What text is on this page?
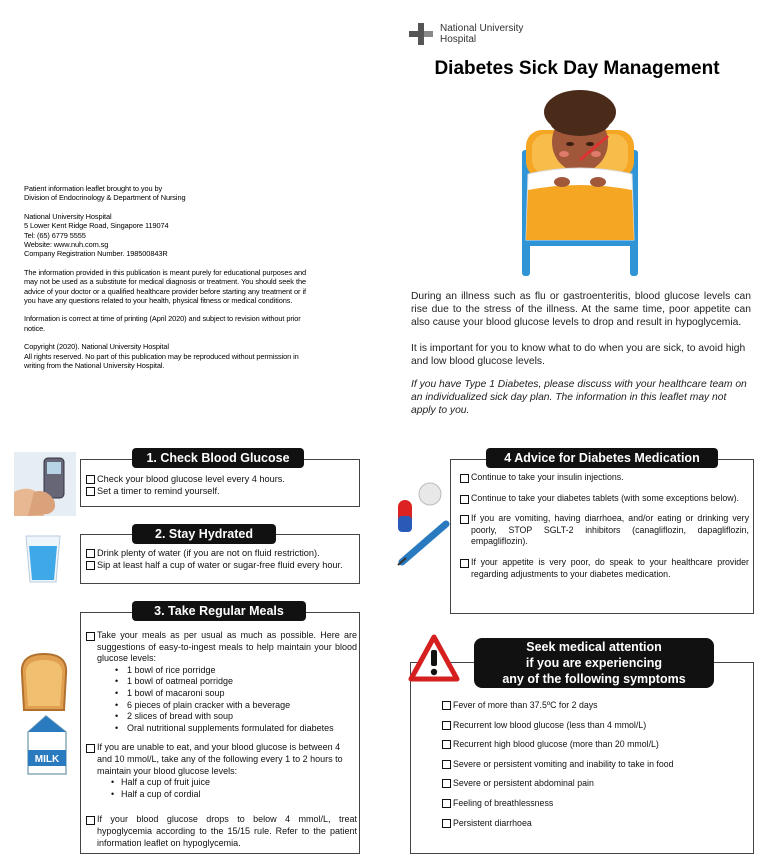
Patient information leaflet brought to you by
Division of Endocrinology & Department of Nursing

National University Hospital
5 Lower Kent Ridge Road, Singapore 119074
Tel: (65) 6779 5555
Website: www.nuh.com.sg
Company Registration Number. 198500843R

The information provided in this publication is meant purely for educational purposes and may not be used as a substitute for medical diagnosis or treatment. You should seek the advice of your doctor or a qualified healthcare provider before starting any treatment or if you have any questions related to your health, physical fitness or medical conditions.

Information is correct at time of printing (April 2020) and subject to revision without prior notice.

Copyright (2020). National University Hospital
All rights reserved. No part of this publication may be reproduced without permission in writing from the National University Hospital.

National University
Hospital
Diabetes Sick Day Management
During an illness such as flu or gastroenteritis, blood glucose levels can rise due to the stress of the illness. At the same time, poor appetite can also cause your blood glucose levels to drop and result in hypoglycemia.
It is important for you to know what to do when you are sick, to avoid high and low blood glucose levels.
If you have Type 1 Diabetes, please discuss with your healthcare team on an individualized sick day plan. The information in this leaflet may not apply to you.
Check your blood glucose level every 4 hours.
Set a timer to remind yourself.
1. Check Blood Glucose
Drink plenty of water (if you are not on fluid restriction).
Sip at least half a cup of water or sugar-free fluid every hour.
2. Stay Hydrated
MILK
Take your meals as per usual as much as possible. Here are suggestions of easy-to-ingest meals to help maintain your blood glucose levels:
• 1 bowl of rice porridge
• 1 bowl of oatmeal porridge
• 1 bowl of macaroni soup
• 6 pieces of plain cracker with a beverage
• 2 slices of bread with soup
• Oral nutritional supplements formulated for diabetes
If you are unable to eat, and your blood glucose is between 4 and 10 mmol/L, take any of the following every 1 to 2 hours to maintain your blood glucose levels:
• Half a cup of fruit juice
• Half a cup of cordial
If your blood glucose drops to below 4 mmol/L, treat hypoglycemia according to the 15/15 rule. Refer to the patient information leaflet on hypoglycemia.
3. Take Regular Meals
Continue to take your insulin injections.
Continue to take your diabetes tablets (with some exceptions below).
If you are vomiting, having diarrhoea, and/or eating or drinking very poorly, STOP SGLT-2 inhibitors (canagliflozin, dapagliflozin, empagliflozin).
If your appetite is very poor, do speak to your healthcare provider regarding adjustments to your diabetes medication.
4 Advice for Diabetes Medication
Fever of more than 37.5ºC for 2 days
Recurrent low blood glucose (less than 4 mmol/L)
Recurrent high blood glucose (more than 20 mmol/L)
Severe or persistent vomiting and inability to take in food
Severe or persistent abdominal pain
Feeling of breathlessness
Persistent diarrhoea
Seek medical attention
if you are experiencing
any of the following symptoms
